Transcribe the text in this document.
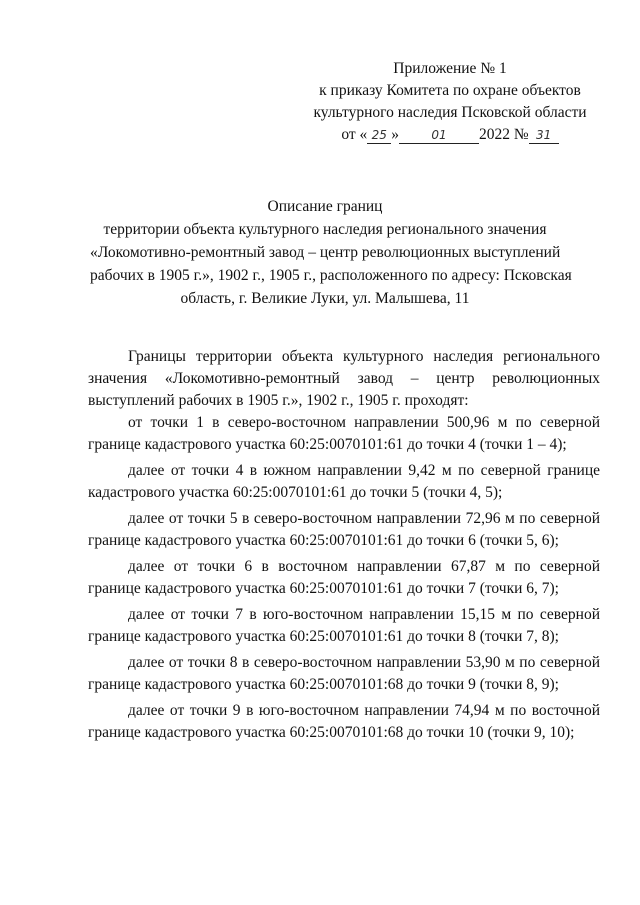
Приложение № 1
к приказу Комитета по охране объектов
культурного наследия Псковской области
от « 25 »	01 2022 № 31
Описание границ
территории объекта культурного наследия регионального значения
«Локомотивно-ремонтный завод – центр революционных выступлений
рабочих в 1905 г.», 1902 г., 1905 г., расположенного по адресу: Псковская
область, г. Великие Луки, ул. Малышева, 11

Границы территории объекта культурного наследия регионального значения «Локомотивно-ремонтный завод – центр революционных выступлений рабочих в 1905 г.», 1902 г., 1905 г. проходят:

от точки 1 в северо-восточном направлении 500,96 м по северной границе кадастрового участка 60:25:0070101:61 до точки 4 (точки 1 – 4);

далее от точки 4 в южном направлении 9,42 м по северной границе кадастрового участка 60:25:0070101:61 до точки 5 (точки 4, 5);

далее от точки 5 в северо-восточном направлении 72,96 м по северной границе кадастрового участка 60:25:0070101:61 до точки 6 (точки 5, 6);

далее от точки 6 в восточном направлении 67,87 м по северной границе кадастрового участка 60:25:0070101:61 до точки 7 (точки 6, 7);

далее от точки 7 в юго-восточном направлении 15,15 м по северной границе кадастрового участка 60:25:0070101:61 до точки 8 (точки 7, 8);

далее от точки 8 в северо-восточном направлении 53,90 м по северной границе кадастрового участка 60:25:0070101:68 до точки 9 (точки 8, 9);

далее от точки 9 в юго-восточном направлении 74,94 м по восточной границе кадастрового участка 60:25:0070101:68 до точки 10 (точки 9, 10);
